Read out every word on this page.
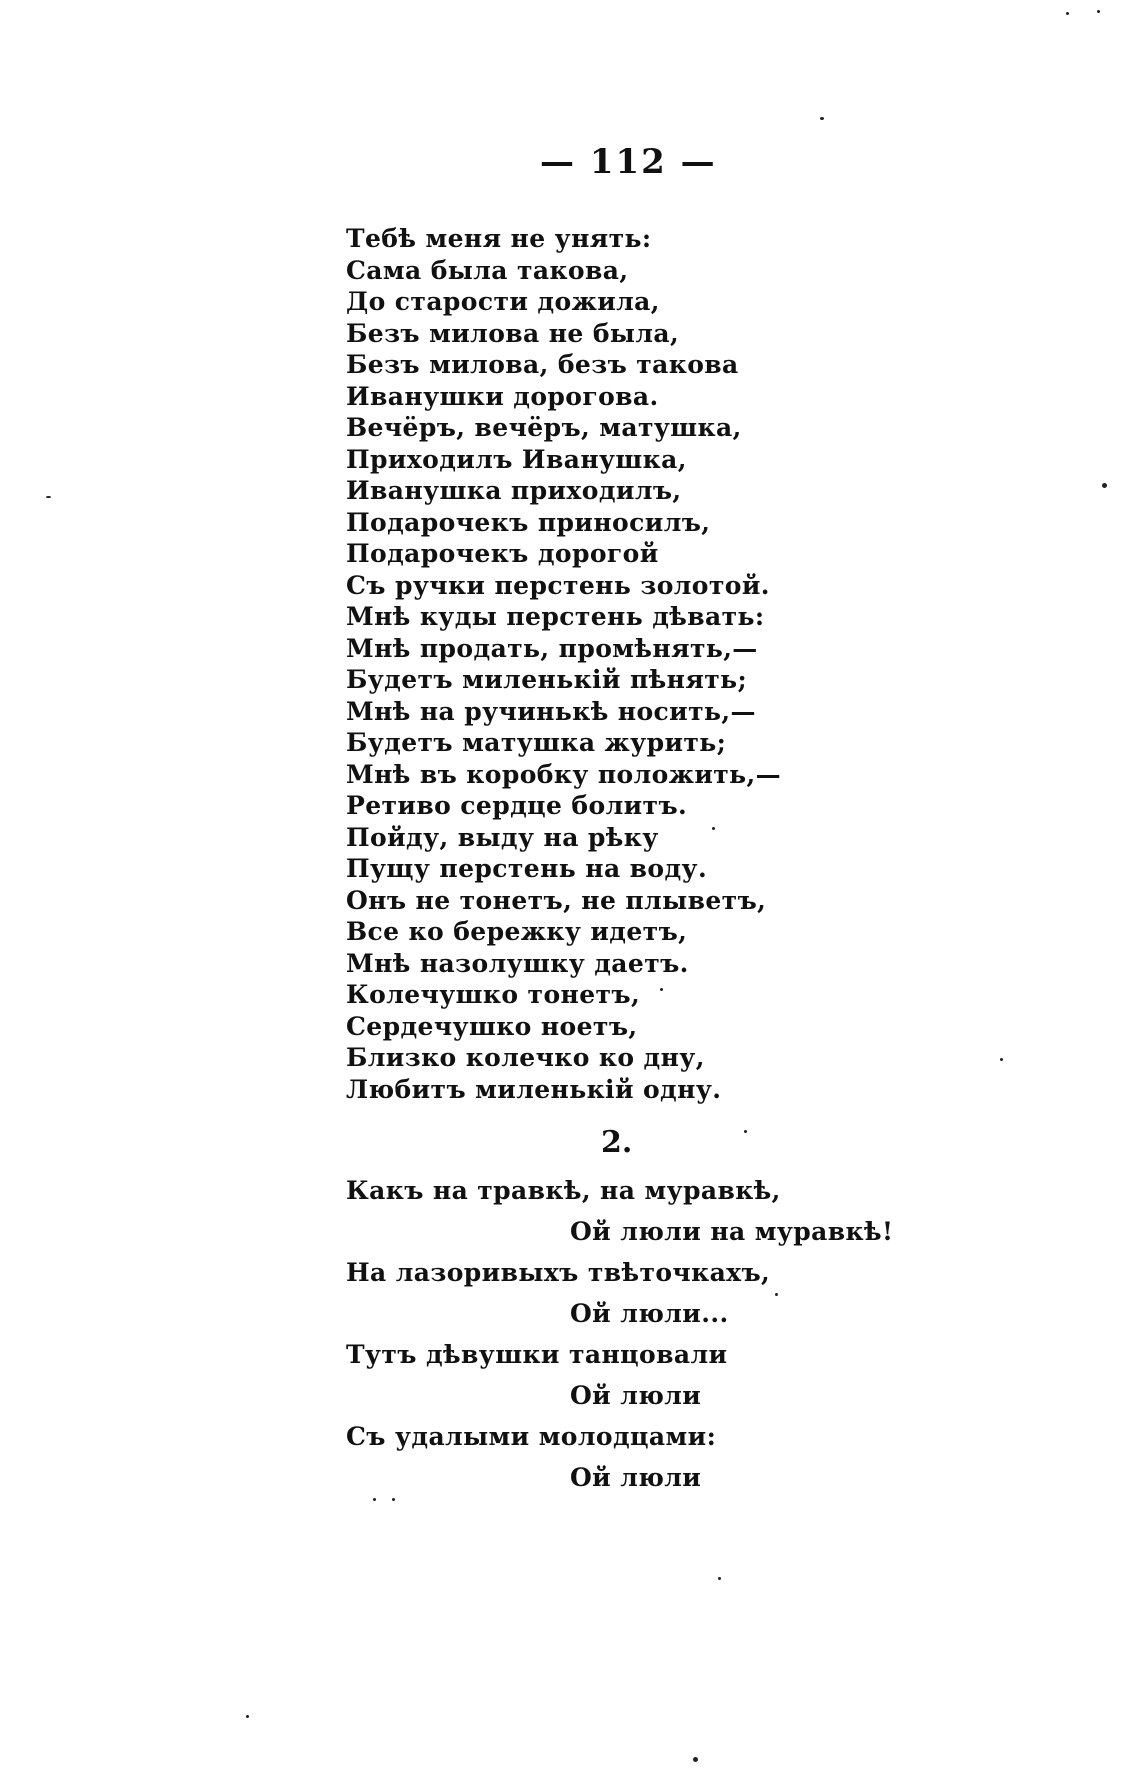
— 112 —
Тебѣ меня не унять:
Сама была такова,
До старости дожила,
Безъ милова не была,
Безъ милова, безъ такова
Иванушки дорогова.
Вечёръ, вечёръ, матушка,
Приходилъ Иванушка,
Иванушка приходилъ,
Подарочекъ приносилъ,
Подарочекъ дорогой
Съ ручки перстень золотой.
Мнѣ куды перстень дѣвать:
Мнѣ продать, промѣнять,—
Будетъ миленькій пѣнять;
Мнѣ на ручинькѣ носить,—
Будетъ матушка журить;
Мнѣ въ коробку положить,—
Ретиво сердце болитъ.
Пойду, выду на рѣку
Пущу перстень на воду.
Онъ не тонетъ, не плыветъ,
Все ко бережку идетъ,
Мнѣ назолушку даетъ.
Колечушко тонетъ,
Сердечушко ноетъ,
Близко колечко ко дну,
Любитъ миленькій одну.
2.
Какъ на травкѣ, на муравкѣ,
Ой люли на муравкѣ!
На лазоривыхъ твѣточкахъ,
Ой люли...
Тутъ дѣвушки танцовали
Ой люли
Съ удалыми молодцами:
Ой люли
